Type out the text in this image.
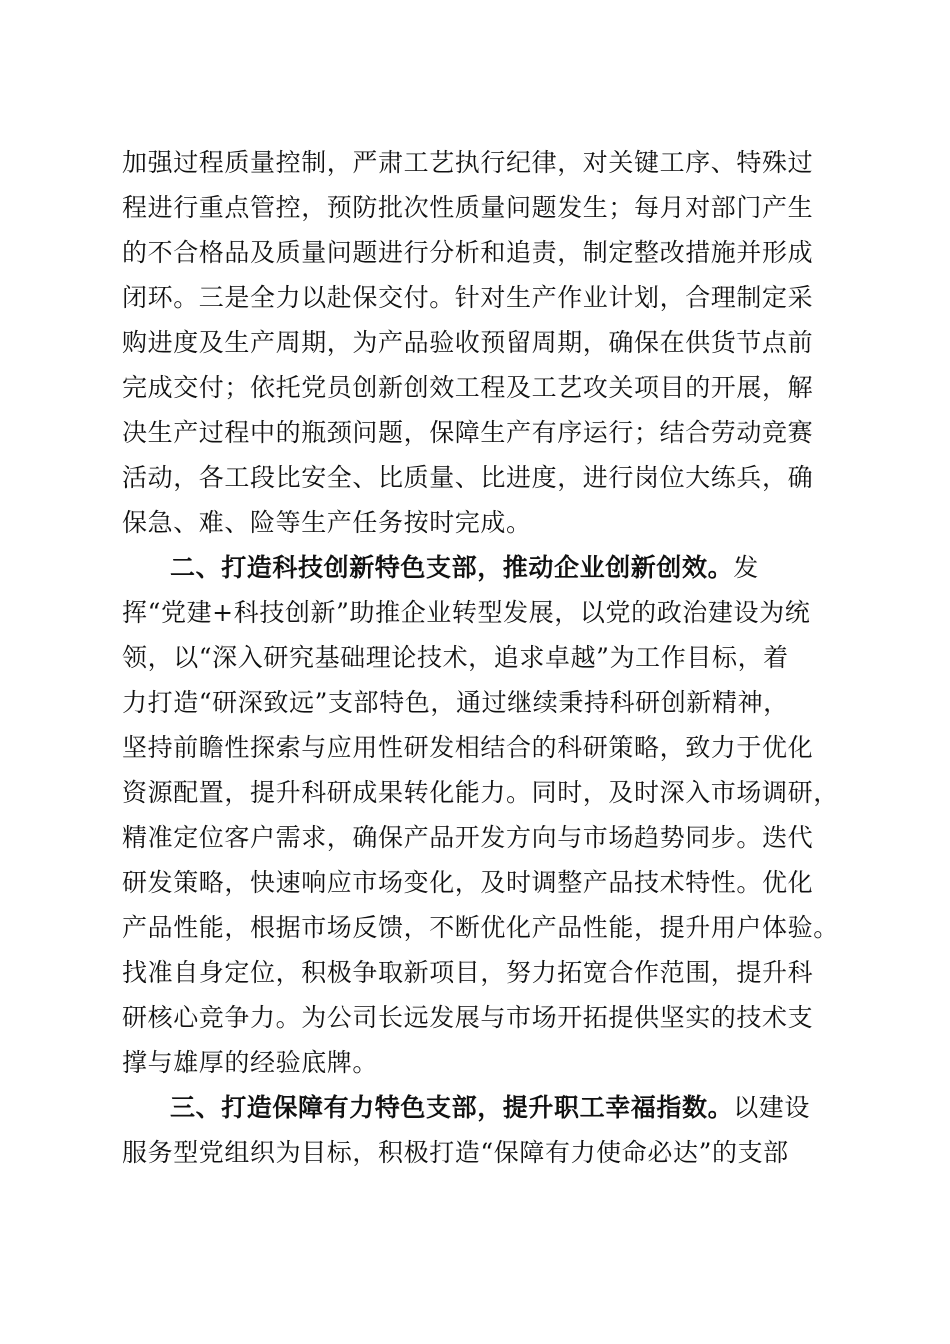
加强过程质量控制，严肃工艺执行纪律，对关键工序、特殊过
程进行重点管控，预防批次性质量问题发生；每月对部门产生
的不合格品及质量问题进行分析和追责，制定整改措施并形成
闭环。三是全力以赴保交付。针对生产作业计划，合理制定采
购进度及生产周期，为产品验收预留周期，确保在供货节点前
完成交付；依托党员创新创效工程及工艺攻关项目的开展，解
决生产过程中的瓶颈问题，保障生产有序运行；结合劳动竞赛
活动，各工段比安全、比质量、比进度，进行岗位大练兵，确
保急、难、险等生产任务按时完成。
二、打造科技创新特色支部，推动企业创新创效。发
挥“党建+科技创新”助推企业转型发展，以党的政治建设为统
领，以“深入研究基础理论技术，追求卓越”为工作目标，着
力打造“研深致远”支部特色，通过继续秉持科研创新精神，
坚持前瞻性探索与应用性研发相结合的科研策略，致力于优化
资源配置，提升科研成果转化能力。同时，及时深入市场调研，
精准定位客户需求，确保产品开发方向与市场趋势同步。迭代
研发策略，快速响应市场变化，及时调整产品技术特性。优化
产品性能，根据市场反馈，不断优化产品性能，提升用户体验。
找准自身定位，积极争取新项目，努力拓宽合作范围，提升科
研核心竞争力。为公司长远发展与市场开拓提供坚实的技术支
撑与雄厚的经验底牌。
三、打造保障有力特色支部，提升职工幸福指数。以建设
服务型党组织为目标，积极打造“保障有力使命必达”的支部
